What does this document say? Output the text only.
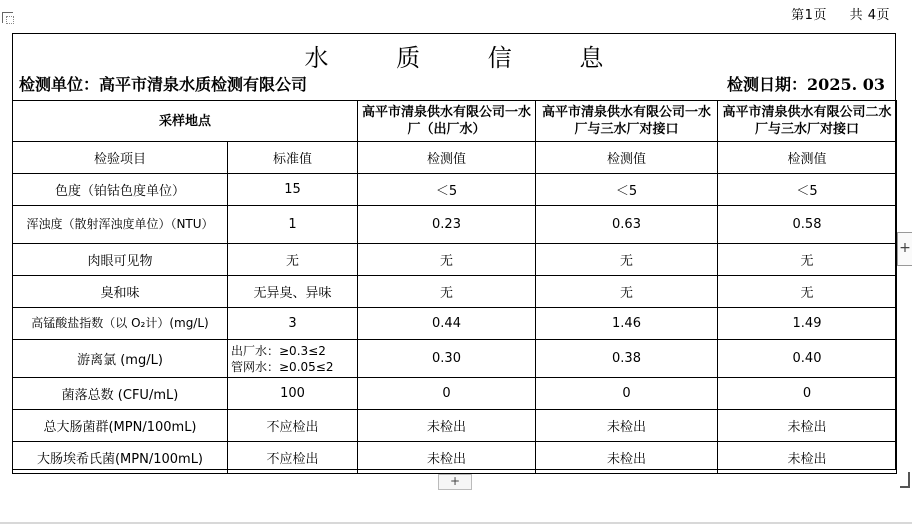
第1页 共 4页
水 质 信 息
检测单位：高平市清泉水质检测有限公司	检测日期：2025. 03
采样地点		高平市清泉供水有限公司一水厂（出厂水）	高平市清泉供水有限公司一水厂与三水厂对接口	高平市清泉供水有限公司二水厂与三水厂对接口
检验项目	标准值	检测值	检测值	检测值
色度（铂钴色度单位）	15	＜5	＜5	＜5
浑浊度（散射浑浊度单位）（NTU）	1	0.23	0.63	0.58
肉眼可见物	无	无	无	无
臭和味	无异臭、异味	无	无	无
高锰酸盐指数（以 O₂计）(mg/L)	3	0.44	1.46	1.49
游离氯 (mg/L)	出厂水：≥0.3≤2
管网水：≥0.05≤2	0.30	0.38	0.40
菌落总数 (CFU/mL)	100	0	0	0
总大肠菌群(MPN/100mL)	不应检出	未检出	未检出	未检出
大肠埃希氏菌(MPN/100mL)	不应检出	未检出	未检出	未检出
+
+
